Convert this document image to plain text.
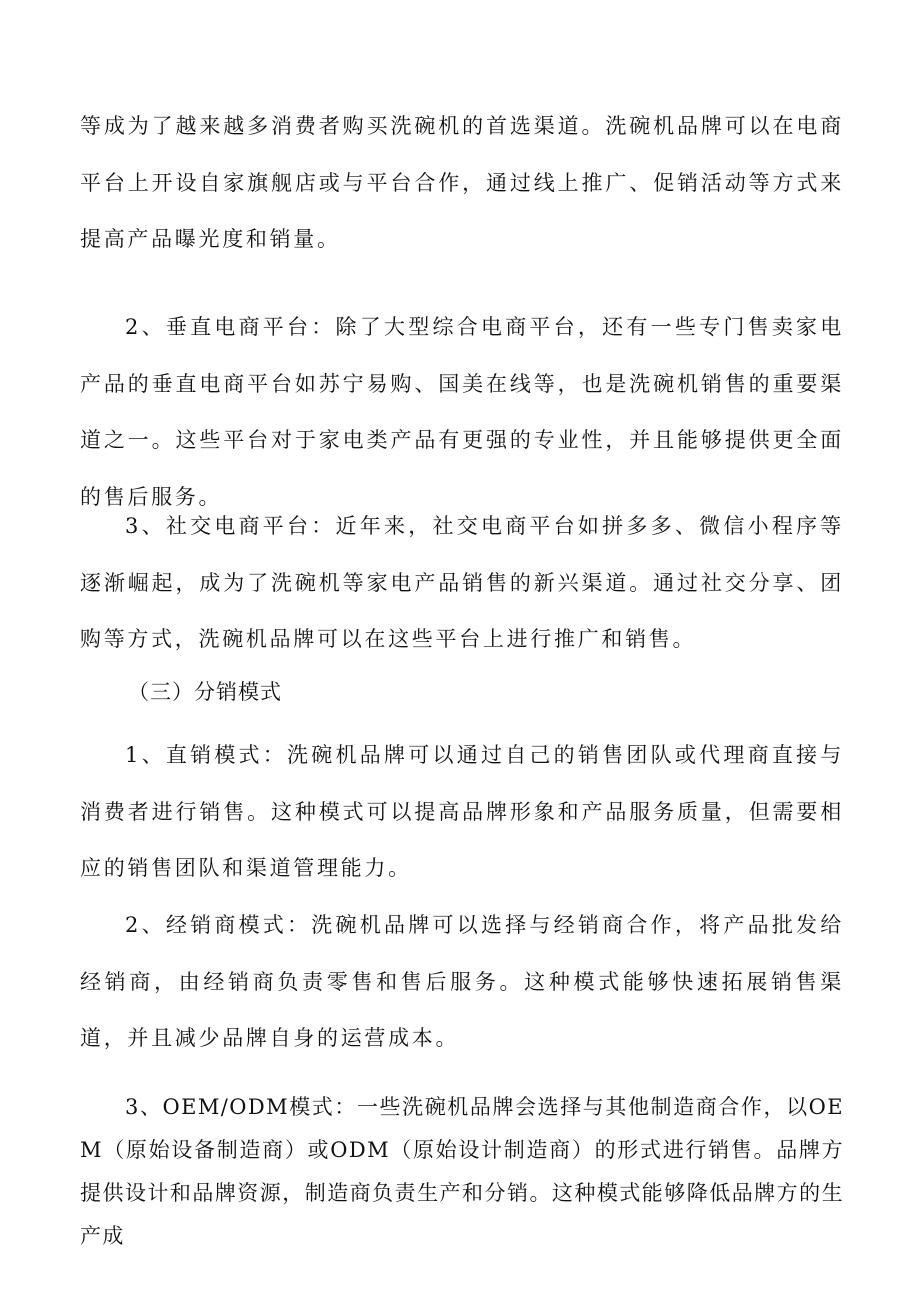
等成为了越来越多消费者购买洗碗机的首选渠道。洗碗机品牌可以在电商平台上开设自家旗舰店或与平台合作，通过线上推广、促销活动等方式来提高产品曝光度和销量。

2、垂直电商平台：除了大型综合电商平台，还有一些专门售卖家电产品的垂直电商平台如苏宁易购、国美在线等，也是洗碗机销售的重要渠道之一。这些平台对于家电类产品有更强的专业性，并且能够提供更全面的售后服务。

3、社交电商平台：近年来，社交电商平台如拼多多、微信小程序等逐渐崛起，成为了洗碗机等家电产品销售的新兴渠道。通过社交分享、团购等方式，洗碗机品牌可以在这些平台上进行推广和销售。

（三）分销模式

1、直销模式：洗碗机品牌可以通过自己的销售团队或代理商直接与消费者进行销售。这种模式可以提高品牌形象和产品服务质量，但需要相应的销售团队和渠道管理能力。

2、经销商模式：洗碗机品牌可以选择与经销商合作，将产品批发给经销商，由经销商负责零售和售后服务。这种模式能够快速拓展销售渠道，并且减少品牌自身的运营成本。

3、OEM/ODM模式：一些洗碗机品牌会选择与其他制造商合作，以OEM（原始设备制造商）或ODM（原始设计制造商）的形式进行销售。品牌方提供设计和品牌资源，制造商负责生产和分销。这种模式能够降低品牌方的生产成
